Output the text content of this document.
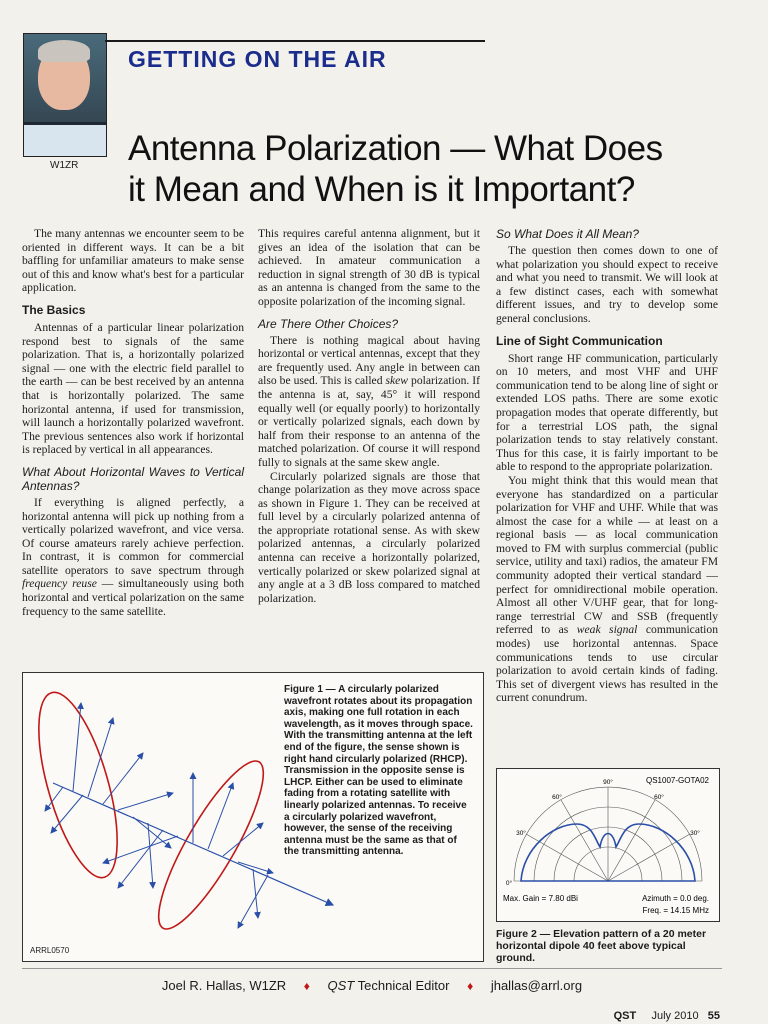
W1ZR
GETTING ON THE AIR
Antenna Polarization — What Does
it Mean and When is it Important?

The many antennas we encounter seem to be oriented in different ways. It can be a bit baffling for unfamiliar amateurs to make sense out of this and know what's best for a particular application.

The Basics

Antennas of a particular linear polarization respond best to signals of the same polarization. That is, a horizontally polarized signal — one with the electric field parallel to the earth — can be best received by an antenna that is horizontally polarized. The same horizontal antenna, if used for transmission, will launch a horizontally polarized wavefront. The previous sentences also work if horizontal is replaced by vertical in all appearances.

What About Horizontal Waves to Vertical Antennas?

If everything is aligned perfectly, a horizontal antenna will pick up nothing from a vertically polarized wavefront, and vice versa. Of course amateurs rarely achieve perfection. In contrast, it is common for commercial satellite operators to save spectrum through frequency reuse — simultaneously using both horizontal and vertical polarization on the same frequency to the same satellite.

This requires careful antenna alignment, but it gives an idea of the isolation that can be achieved. In amateur communication a reduction in signal strength of 30 dB is typical as an antenna is changed from the same to the opposite polarization of the incoming signal.

Are There Other Choices?

There is nothing magical about having horizontal or vertical antennas, except that they are frequently used. Any angle in between can also be used. This is called skew polarization. If the antenna is at, say, 45° it will respond equally well (or equally poorly) to horizontally or vertically polarized signals, each down by half from their response to an antenna of the matched polarization. Of course it will respond fully to signals at the same skew angle.

Circularly polarized signals are those that change polarization as they move across space as shown in Figure 1. They can be received at full level by a circularly polarized antenna of the appropriate rotational sense. As with skew polarized antennas, a circularly polarized antenna can receive a horizontally polarized, vertically polarized or skew polarized signal at any angle at a 3 dB loss compared to matched polarization.

So What Does it All Mean?

The question then comes down to one of what polarization you should expect to receive and what you need to transmit. We will look at a few distinct cases, each with somewhat different issues, and try to develop some general conclusions.

Line of Sight Communication

Short range HF communication, particularly on 10 meters, and most VHF and UHF communication tend to be along line of sight or extended LOS paths. There are some exotic propagation modes that operate differently, but for a terrestrial LOS path, the signal polarization tends to stay relatively constant. Thus for this case, it is fairly important to be able to respond to the appropriate polarization.

You might think that this would mean that everyone has standardized on a particular polarization for VHF and UHF. While that was almost the case for a while — at least on a regional basis — as local communication moved to FM with surplus commercial (public service, utility and taxi) radios, the amateur FM community adopted their vertical standard — perfect for omnidirectional mobile operation. Almost all other V/UHF gear, that for long-range terrestrial CW and SSB (frequently referred to as weak signal communication modes) use horizontal antennas. Space communications tends to use circular polarization to avoid certain kinds of fading. This set of divergent views has resulted in the current conundrum.

Figure 1 — A circularly polarized wavefront rotates about its propagation axis, making one full rotation in each wavelength, as it moves through space. With the transmitting antenna at the left end of the figure, the sense shown is right hand circularly polarized (RHCP). Transmission in the opposite sense is LHCP. Either can be used to eliminate fading from a rotating satellite with linearly polarized antennas. To receive a circularly polarized wavefront, however, the sense of the receiving antenna must be the same as that of the transmitting antenna.
ARRL0570
QS1007-GOTA02
90°
60°	60°
30°	30°
0°
Max. Gain = 7.80 dBi	Azimuth = 0.0 deg.
Freq. = 14.15 MHz
Figure 2 — Elevation pattern of a 20 meter horizontal dipole 40 feet above typical ground.
Joel R. Hallas, W1ZR ♦ QST Technical Editor ♦ jhallas@arrl.org
QST July 2010 55
